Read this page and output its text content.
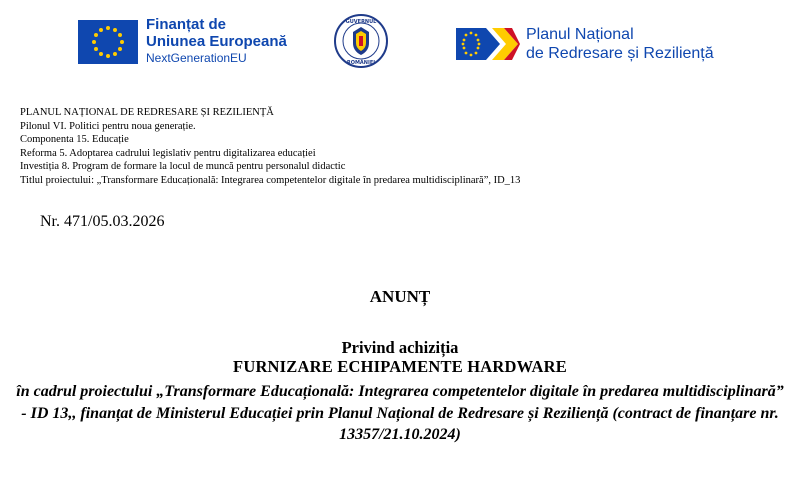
Finanțat de
Uniunea Europeană
NextGenerationEU
GUVERNUL
ROMÂNIEI
Planul Național
de Redresare și Reziliență
PLANUL NAȚIONAL DE REDRESARE ȘI REZILIENȚĂ
Pilonul VI. Politici pentru noua generație.
Componenta 15. Educație
Reforma 5. Adoptarea cadrului legislativ pentru digitalizarea educației
Investiția 8. Program de formare la locul de muncă pentru personalul didactic
Titlul proiectului: „Transformare Educațională: Integrarea competentelor digitale în predarea multidisciplinară”, ID_13
Nr. 471/05.03.2026
ANUNȚ
Privind achiziția
FURNIZARE ECHIPAMENTE HARDWARE
în cadrul proiectului „Transformare Educațională: Integrarea competentelor digitale în predarea multidisciplinară” - ID 13,, finanțat de Ministerul Educației prin Planul Național de Redresare și Reziliență (contract de finanțare nr. 13357/21.10.2024)
